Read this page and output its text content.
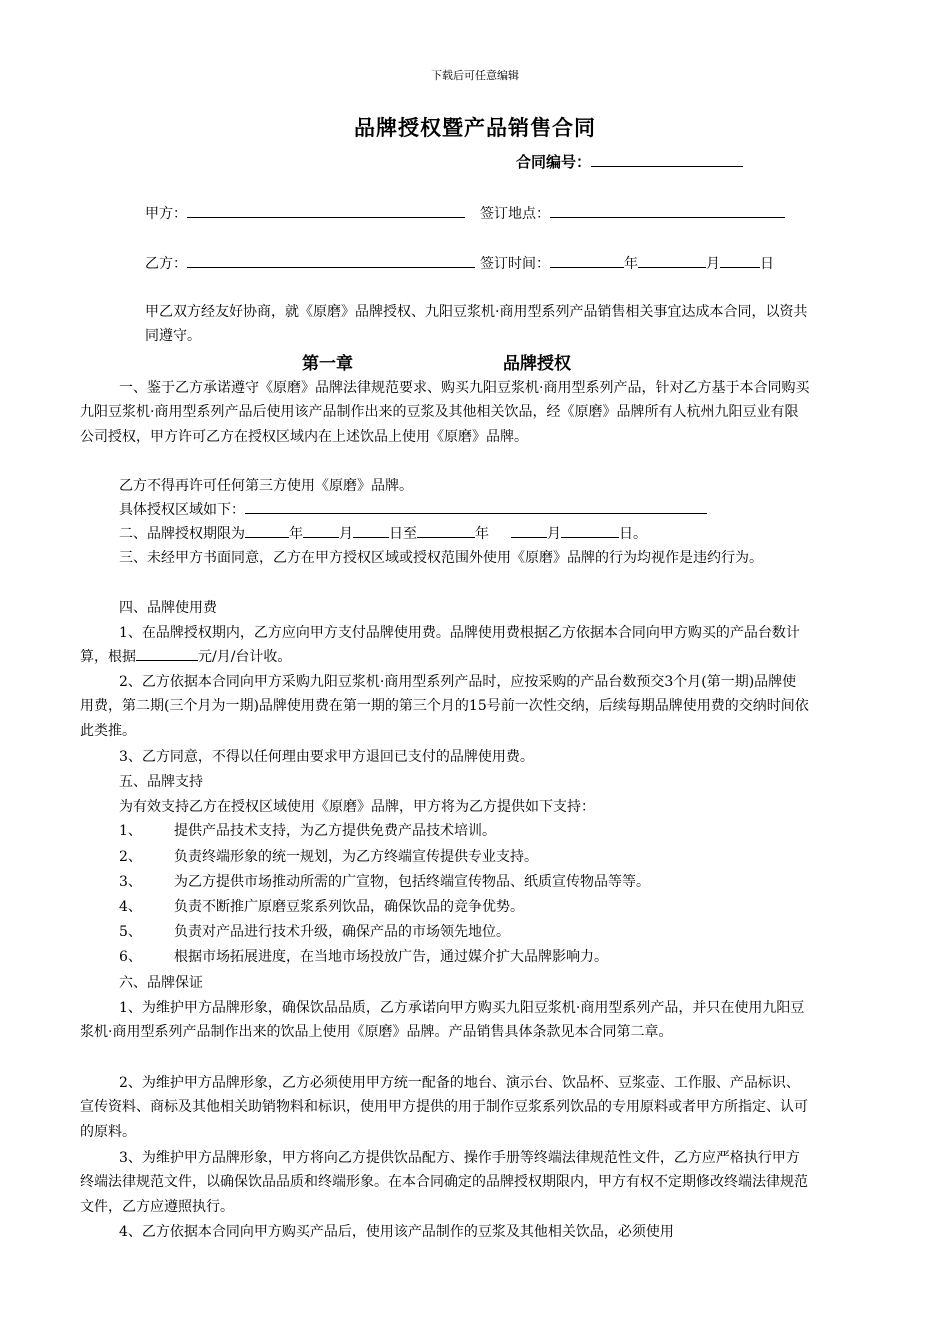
下载后可任意编辑
品牌授权暨产品销售合同
合同编号：
甲方：	签订地点：
乙方：	签订时间：	年	月	日
甲乙双方经友好协商，就《原磨》品牌授权、九阳豆浆机·商用型系列产品销售相关事宜达成本合同，以资共同遵守。
第一章	品牌授权
一、鉴于乙方承诺遵守《原磨》品牌法律规范要求、购买九阳豆浆机·商用型系列产品，针对乙方基于本合同购买九阳豆浆机·商用型系列产品后使用该产品制作出来的豆浆及其他相关饮品，经《原磨》品牌所有人杭州九阳豆业有限公司授权，甲方许可乙方在授权区域内在上述饮品上使用《原磨》品牌。
乙方不得再许可任何第三方使用《原磨》品牌。
具体授权区域如下：
二、品牌授权期限为	年	月	日至	年	月	日。
三、未经甲方书面同意，乙方在甲方授权区域或授权范围外使用《原磨》品牌的行为均视作是违约行为。
四、品牌使用费
1、在品牌授权期内，乙方应向甲方支付品牌使用费。品牌使用费根据乙方依据本合同向甲方购买的产品台数计算，根据	元/月/台计收。
2、乙方依据本合同向甲方采购九阳豆浆机·商用型系列产品时，应按采购的产品台数预交3个月(第一期)品牌使用费，第二期(三个月为一期)品牌使用费在第一期的第三个月的15号前一次性交纳，后续每期品牌使用费的交纳时间依此类推。
3、乙方同意，不得以任何理由要求甲方退回已支付的品牌使用费。
五、品牌支持
为有效支持乙方在授权区域使用《原磨》品牌，甲方将为乙方提供如下支持：
1、 提供产品技术支持，为乙方提供免费产品技术培训。
2、 负责终端形象的统一规划，为乙方终端宣传提供专业支持。
3、 为乙方提供市场推动所需的广宣物，包括终端宣传物品、纸质宣传物品等等。
4、 负责不断推广原磨豆浆系列饮品，确保饮品的竞争优势。
5、 负责对产品进行技术升级，确保产品的市场领先地位。
6、 根据市场拓展进度，在当地市场投放广告，通过媒介扩大品牌影响力。
六、品牌保证
1、为维护甲方品牌形象，确保饮品品质，乙方承诺向甲方购买九阳豆浆机·商用型系列产品，并只在使用九阳豆浆机·商用型系列产品制作出来的饮品上使用《原磨》品牌。产品销售具体条款见本合同第二章。
2、为维护甲方品牌形象，乙方必须使用甲方统一配备的地台、演示台、饮品杯、豆浆壶、工作服、产品标识、宣传资料、商标及其他相关助销物料和标识，使用甲方提供的用于制作豆浆系列饮品的专用原料或者甲方所指定、认可的原料。
3、为维护甲方品牌形象，甲方将向乙方提供饮品配方、操作手册等终端法律规范性文件，乙方应严格执行甲方终端法律规范文件，以确保饮品品质和终端形象。在本合同确定的品牌授权期限内，甲方有权不定期修改终端法律规范文件，乙方应遵照执行。
4、乙方依据本合同向甲方购买产品后，使用该产品制作的豆浆及其他相关饮品，必须使用
